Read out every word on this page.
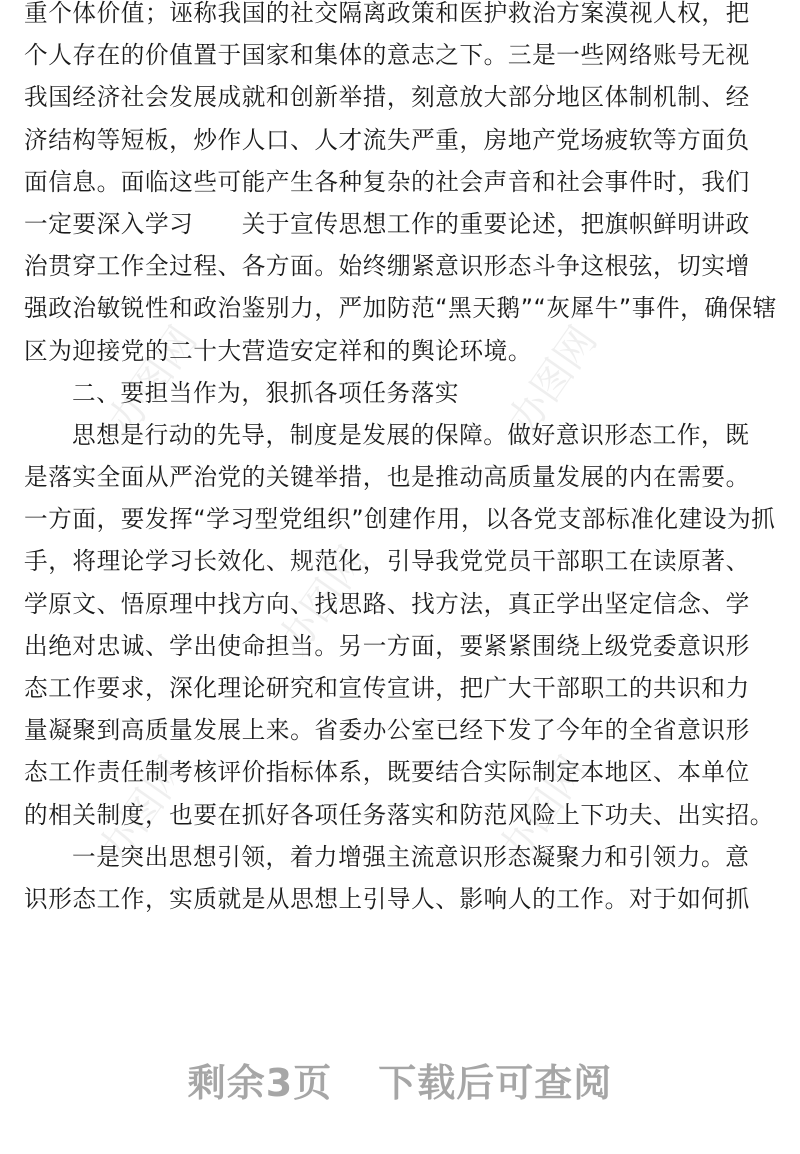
办图网	办图网
办图网
办图网	办图网
重个体价值；诬称我国的社交隔离政策和医护救治方案漠视人权，把
个人存在的价值置于国家和集体的意志之下。三是一些网络账号无视
我国经济社会发展成就和创新举措，刻意放大部分地区体制机制、经
济结构等短板，炒作人口、人才流失严重，房地产党场疲软等方面负
面信息。面临这些可能产生各种复杂的社会声音和社会事件时，我们
一定要深入学习　　关于宣传思想工作的重要论述，把旗帜鲜明讲政
治贯穿工作全过程、各方面。始终绷紧意识形态斗争这根弦，切实增
强政治敏锐性和政治鉴别力，严加防范“黑天鹅”“灰犀牛”事件，确保辖
区为迎接党的二十大营造安定祥和的舆论环境。
二、要担当作为，狠抓各项任务落实
思想是行动的先导，制度是发展的保障。做好意识形态工作，既
是落实全面从严治党的关键举措，也是推动高质量发展的内在需要。
一方面，要发挥“学习型党组织”创建作用，以各党支部标准化建设为抓
手，将理论学习长效化、规范化，引导我党党员干部职工在读原著、
学原文、悟原理中找方向、找思路、找方法，真正学出坚定信念、学
出绝对忠诚、学出使命担当。另一方面，要紧紧围绕上级党委意识形
态工作要求，深化理论研究和宣传宣讲，把广大干部职工的共识和力
量凝聚到高质量发展上来。省委办公室已经下发了今年的全省意识形
态工作责任制考核评价指标体系，既要结合实际制定本地区、本单位
的相关制度，也要在抓好各项任务落实和防范风险上下功夫、出实招。
一是突出思想引领，着力增强主流意识形态凝聚力和引领力。意
识形态工作，实质就是从思想上引导人、影响人的工作。对于如何抓
剩余3页 下载后可查阅
